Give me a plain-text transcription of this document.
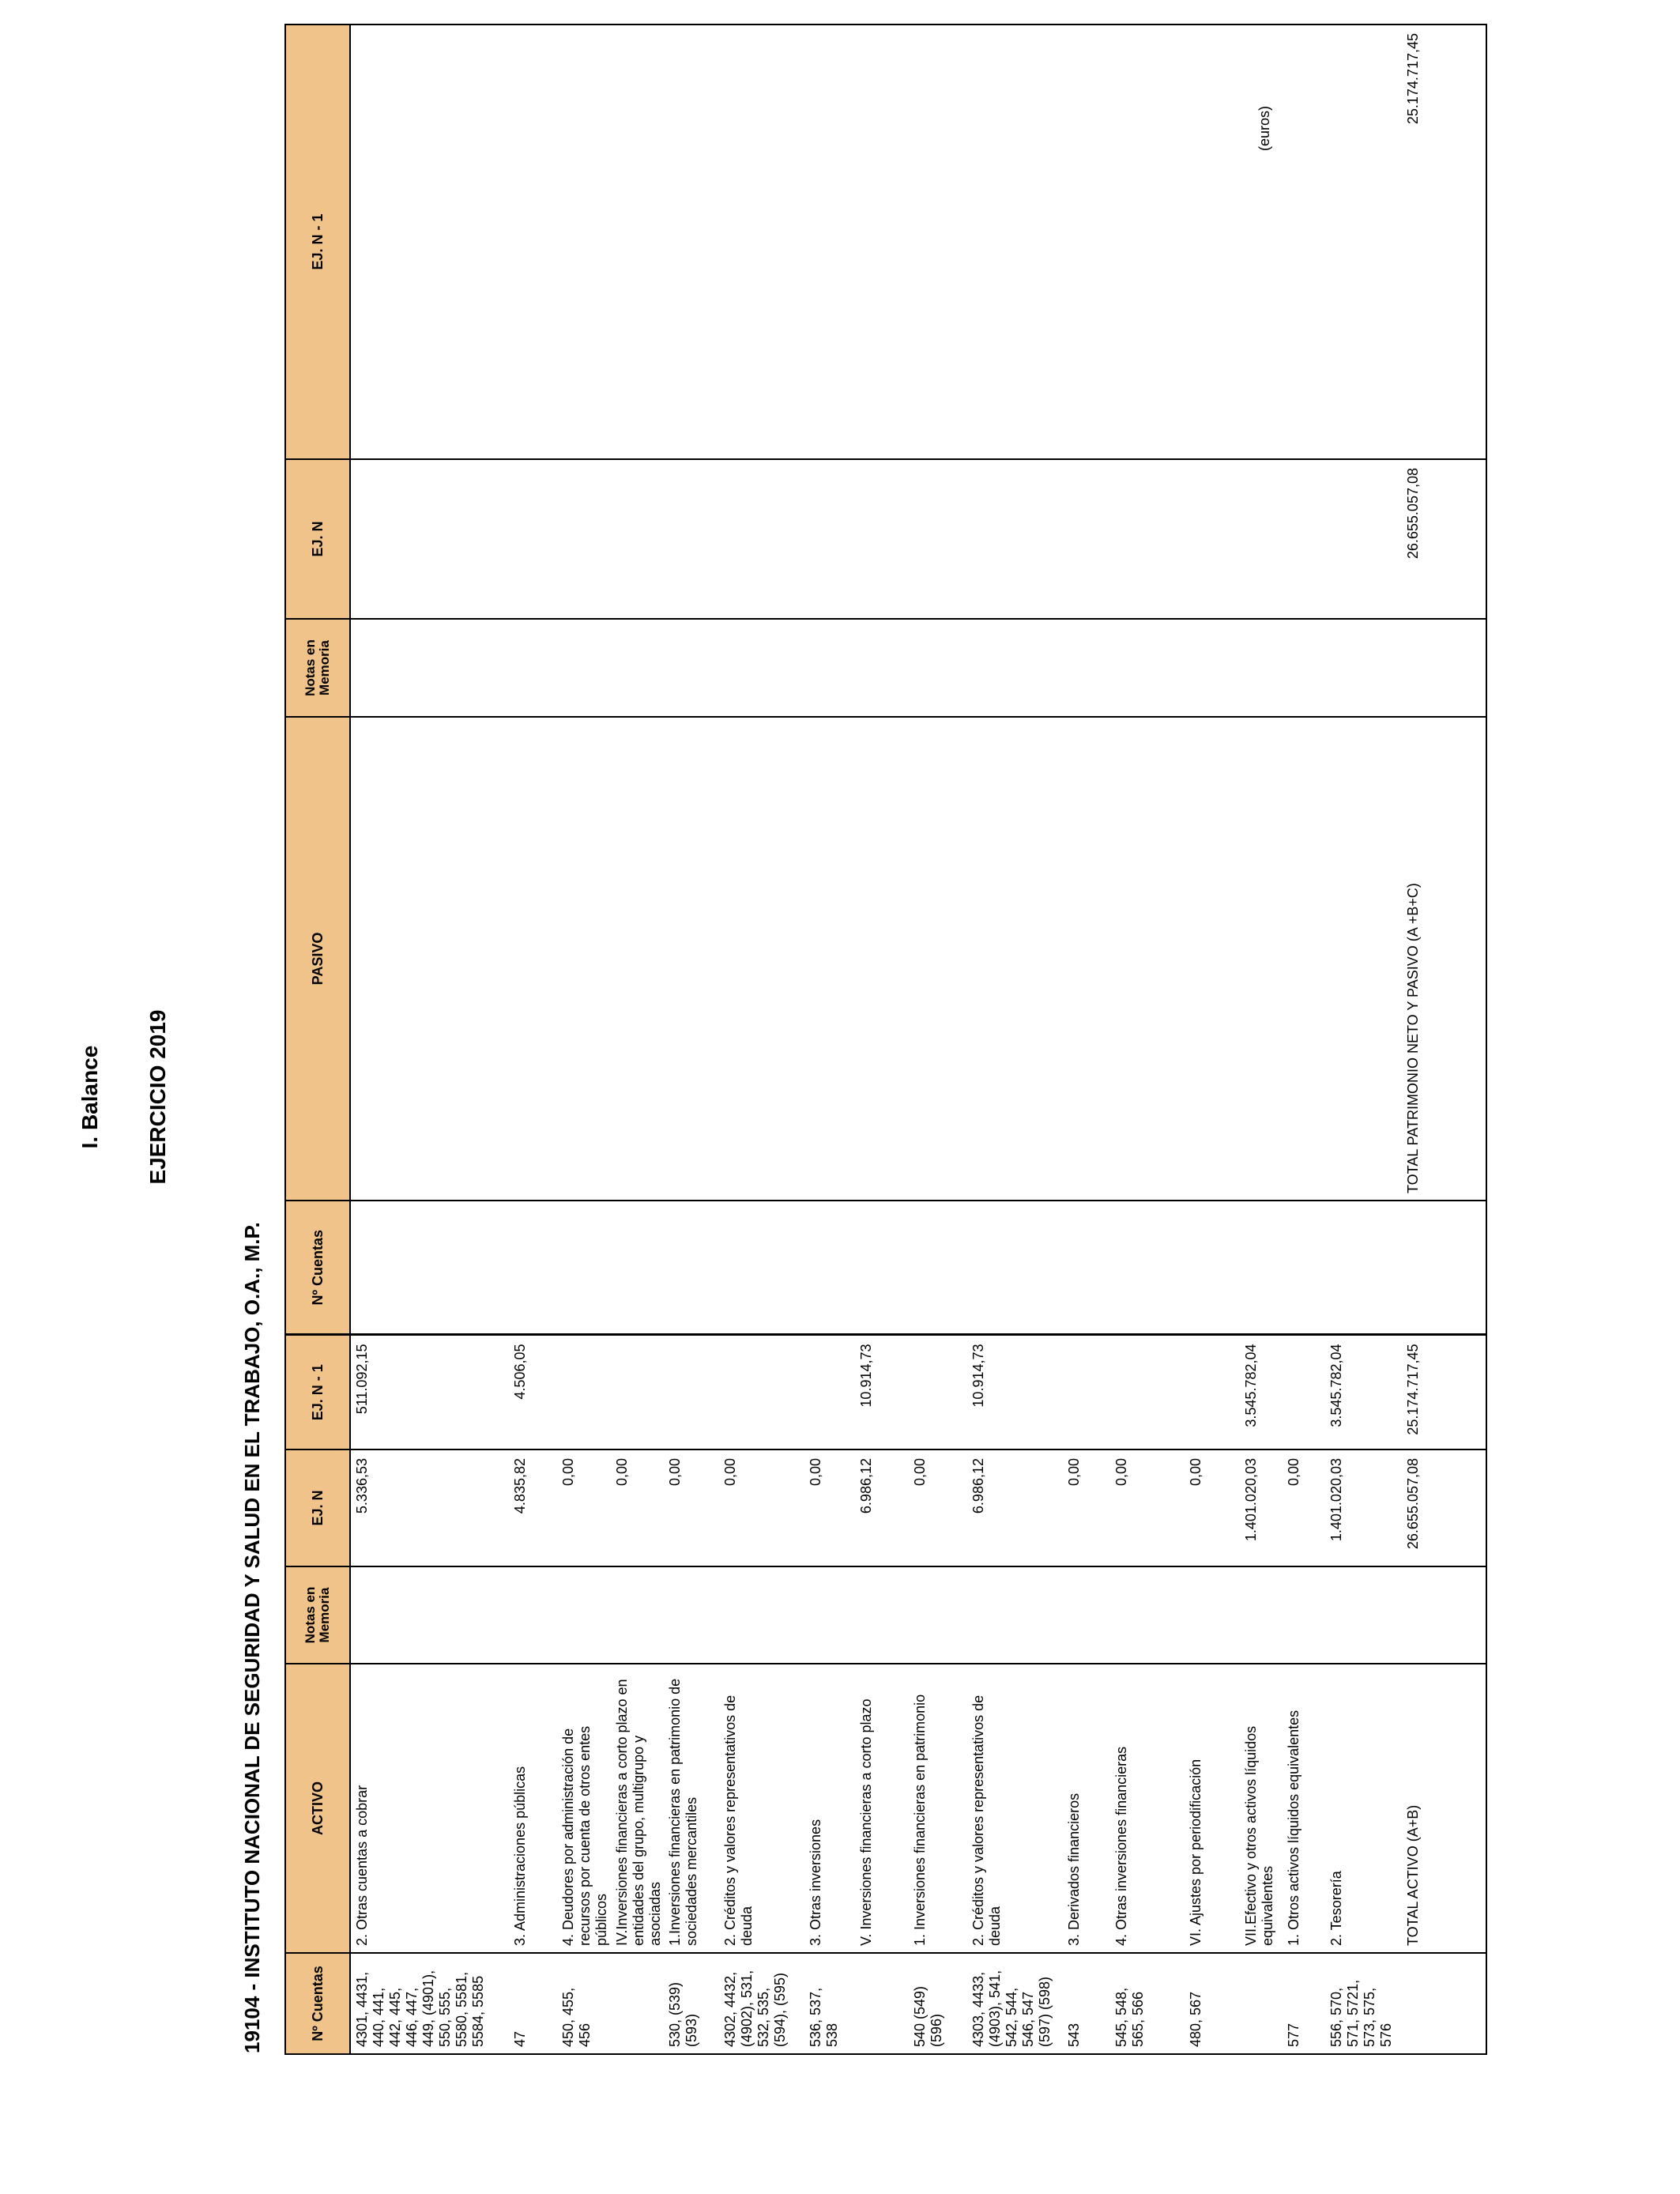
I. Balance EJERCICIO 2019
19104 - INSTITUTO NACIONAL DE SEGURIDAD Y SALUD EN EL TRABAJO, O.A., M.P.
(euros)
Nº Cuentas	ACTIVO	Notas en Memoria	EJ. N	EJ. N - 1	Nº Cuentas	PASIVO	Notas en Memoria	EJ. N	EJ. N - 1
4301, 4431, 440, 441, 442, 445, 446, 447, 449, (4901), 550, 555, 5580, 5581, 5584, 5585	2. Otras cuentas a cobrar		5.336,53	511.092,15					
47	3. Administraciones públicas		4.835,82	4.506,05					
450, 455, 456	4. Deudores por administración de recursos por cuenta de otros entes públicos		0,00						
	IV.Inversiones financieras a corto plazo en entidades del grupo, multigrupo y asociadas		0,00						
530, (539) (593)	1.Inversiones financieras en patrimonio de sociedades mercantiles		0,00						
4302, 4432, (4902), 531, 532, 535, (594), (595)	2. Créditos y valores representativos de deuda		0,00						
536, 537, 538	3. Otras inversiones		0,00						
	V. Inversiones financieras a corto plazo		6.986,12	10.914,73					
540 (549) (596)	1. Inversiones financieras en patrimonio		0,00						
4303, 4433, (4903), 541, 542, 544, 546, 547 (597) (598)	2. Créditos y valores representativos de deuda		6.986,12	10.914,73					
543	3. Derivados financieros		0,00						
545, 548, 565, 566	4. Otras inversiones financieras		0,00						
480, 567	VI. Ajustes por periodificación		0,00						
	VII.Efectivo y otros activos líquidos equivalentes		1.401.020,03	3.545.782,04					
577	1. Otros activos líquidos equivalentes		0,00						
556, 570, 571, 5721, 573, 575, 576	2. Tesorería		1.401.020,03	3.545.782,04					
	TOTAL ACTIVO (A+B)		26.655.057,08	25.174.717,45		TOTAL PATRIMONIO NETO Y PASIVO (A +B+C)		26.655.057,08	25.174.717,45
